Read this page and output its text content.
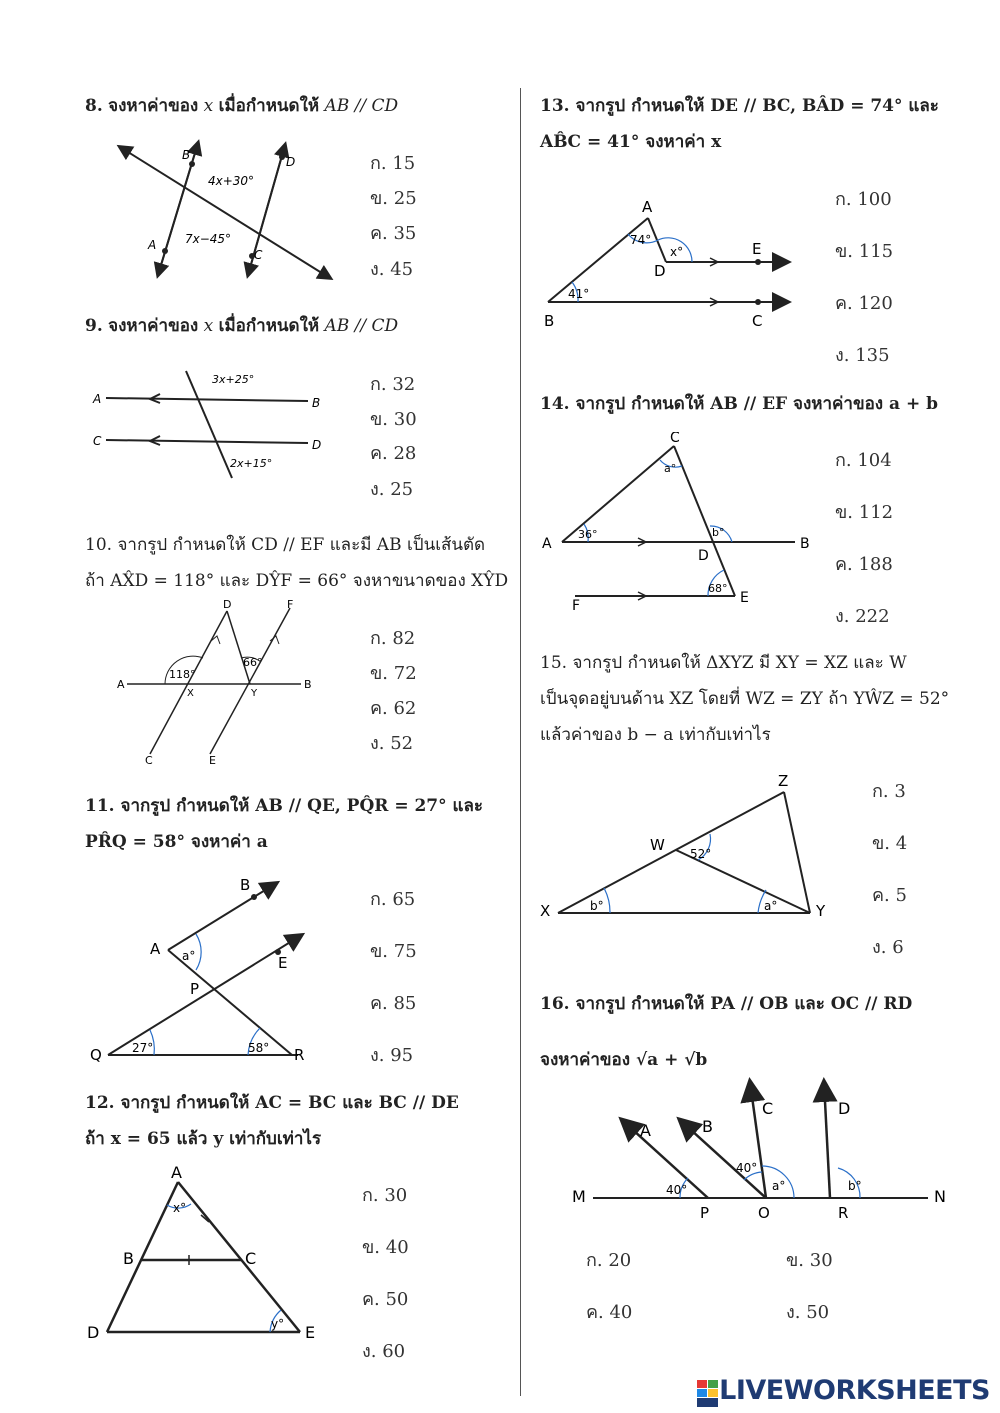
8. จงหาค่าของ x เมื่อกำหนดให้ AB // CD
B	D
A
C
4x+30°
7x−45°
ก. 15
ข. 25
ค. 35
ง. 45
9. จงหาค่าของ x เมื่อกำหนดให้ AB // CD
A	B
C	D
3x+25°
2x+15°
ก. 32
ข. 30
ค. 28
ง. 25
10. จากรูป กำหนดให้ CD // EF และมี AB เป็นเส้นตัด
ถ้า AX̂D = 118° และ DŶF = 66° จงหาขนาดของ XŶD
D	F
A	B
X	Y
C	E
118°
66°
ก. 82
ข. 72
ค. 62
ง. 52
11. จากรูป กำหนดให้ AB // QE, PQ̂R = 27° และ
PR̂Q = 58° จงหาค่า a
B
A
E
P
Q	R
a°
27°	58°
ก. 65
ข. 75
ค. 85
ง. 95
12. จากรูป กำหนดให้ AC = BC และ BC // DE
ถ้า x = 65 แล้ว y เท่ากับเท่าไร
A
B	C
D	E
x°
y°
ก. 30
ข. 40
ค. 50
ง. 60
13. จากรูป กำหนดให้ DE // BC, BÂD = 74° และ
AB̂C = 41° จงหาค่า x
A
B	C
D
E
74°
41°
x°
ก. 100
ข. 115
ค. 120
ง. 135
14. จากรูป กำหนดให้ AB // EF จงหาค่าของ a + b
C
A	B
D
E
F
a°
b°
36°
68°
ก. 104
ข. 112
ค. 188
ง. 222
15. จากรูป กำหนดให้ ΔXYZ มี XY = XZ และ W
เป็นจุดอยู่บนด้าน XZ โดยที่ WZ = ZY ถ้า YŴZ = 52°
แล้วค่าของ b − a เท่ากับเท่าไร
Z
W
X	Y
52°
b°	a°
ก. 3
ข. 4
ค. 5
ง. 6
16. จากรูป กำหนดให้ PA // OB และ OC // RD
จงหาค่าของ √a + √b
A	B
C	D
M	N
P	O	R
40°
40°
a°	b°
ก. 20	ข. 30
ค. 40	ง. 50
LIVEWORKSHEETS
